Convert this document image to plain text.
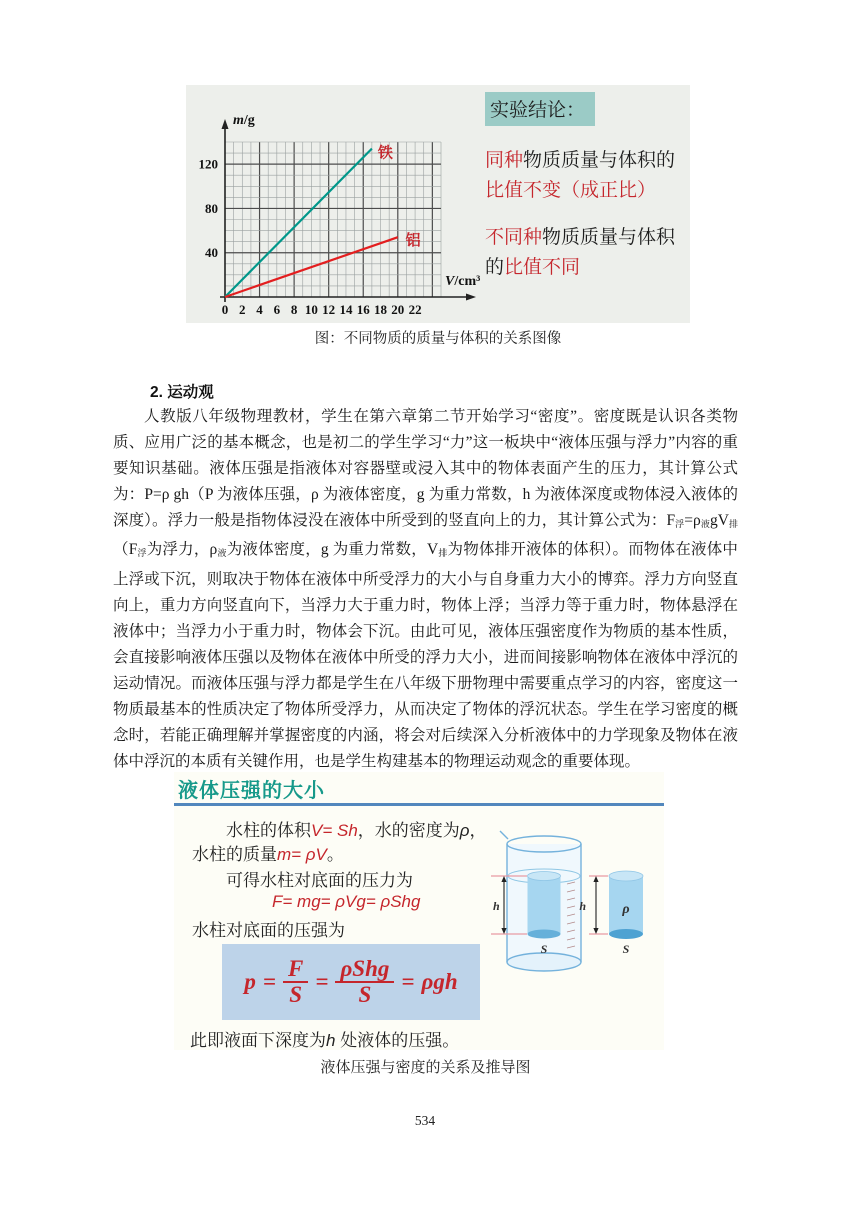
0 2 4 6 8 10 12 14 16 18 20 22
40
80
120
铁
铝
m/g
V/cm³
实验结论：

同种物质质量与体积的
比值不变（成正比）

不同种物质质量与体积
的比值不同

图：不同物质的质量与体积的关系图像
2. 运动观
人教版八年级物理教材，学生在第六章第二节开始学习“密度”。密度既是认识各类物质、应用广泛的基本概念，也是初二的学生学习“力”这一板块中“液体压强与浮力”内容的重要知识基础。液体压强是指液体对容器壁或浸入其中的物体表面产生的压力，其计算公式为：P=ρ gh（P 为液体压强，ρ 为液体密度，g 为重力常数，h 为液体深度或物体浸入液体的深度）。浮力一般是指物体浸没在液体中所受到的竖直向上的力，其计算公式为：F浮=ρ液gV排（F浮为浮力，ρ液为液体密度，g 为重力常数，V排为物体排开液体的体积）。而物体在液体中上浮或下沉，则取决于物体在液体中所受浮力的大小与自身重力大小的博弈。浮力方向竖直向上，重力方向竖直向下，当浮力大于重力时，物体上浮；当浮力等于重力时，物体悬浮在液体中；当浮力小于重力时，物体会下沉。由此可见，液体压强密度作为物质的基本性质，会直接影响液体压强以及物体在液体中所受的浮力大小，进而间接影响物体在液体中浮沉的运动情况。而液体压强与浮力都是学生在八年级下册物理中需要重点学习的内容，密度这一物质最基本的性质决定了物体所受浮力，从而决定了物体的浮沉状态。学生在学习密度的概念时，若能正确理解并掌握密度的内涵，将会对后续深入分析液体中的力学现象及物体在液体中浮沉的本质有关键作用，也是学生构建基本的物理运动观念的重要体现。
液体压强的大小
水柱的体积V= Sh，水的密度为ρ，
水柱的质量m= ρV。
可得水柱对底面的压力为
F= mg= ρVg= ρShg
水柱对底面的压强为
$p = \frac{F}{S} = \frac{\text{ρShg}}{S} = \rho gh$
此即液面下深度为h 处液体的压强。
h
S
h	ρ
S
液体压强与密度的关系及推导图
534
